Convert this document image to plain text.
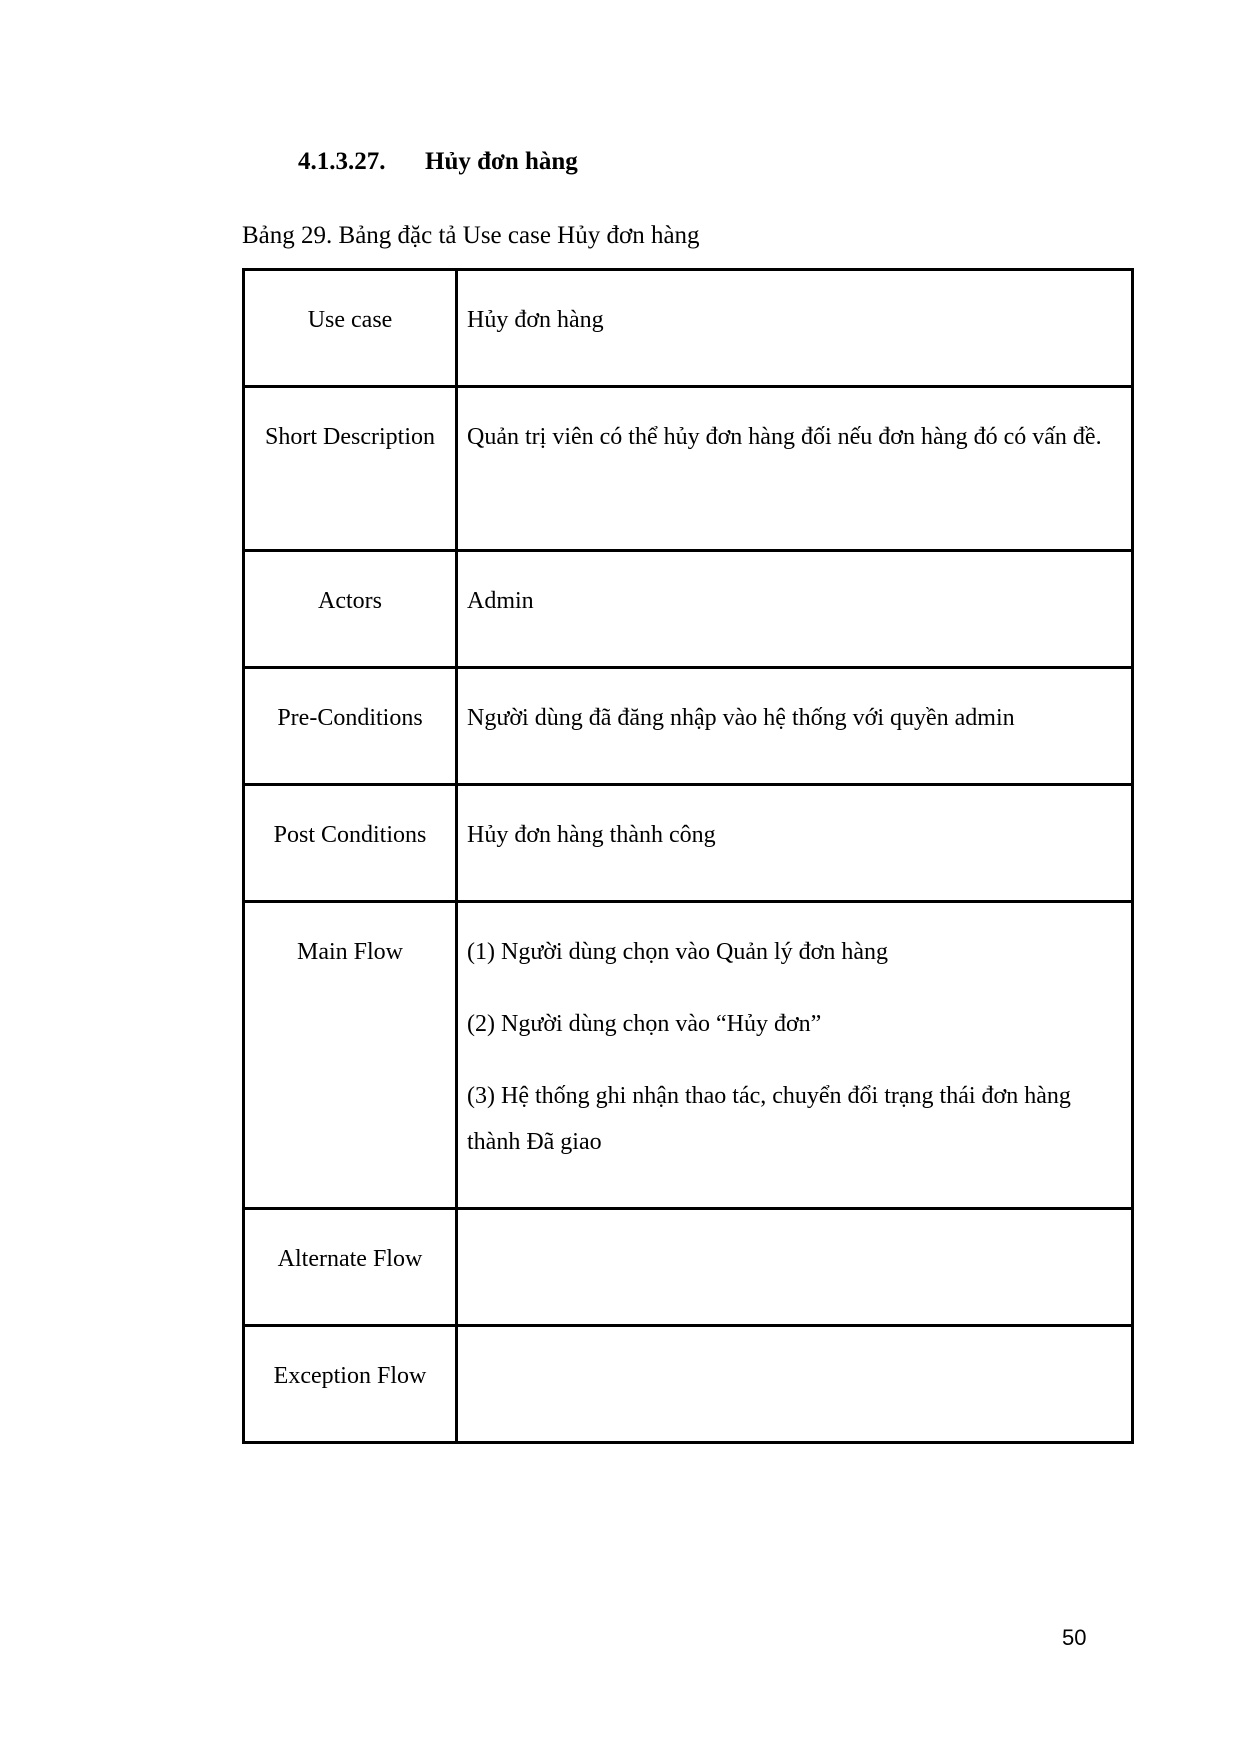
4.1.3.27. Hủy đơn hàng
Bảng 29. Bảng đặc tả Use case Hủy đơn hàng
Use case	Hủy đơn hàng
Short Description	Quản trị viên có thể hủy đơn hàng đối nếu đơn hàng đó có vấn đề.
Actors	Admin
Pre-Conditions	Người dùng đã đăng nhập vào hệ thống với quyền admin
Post Conditions	Hủy đơn hàng thành công
Main Flow	(1) Người dùng chọn vào Quản lý đơn hàng

(2) Người dùng chọn vào “Hủy đơn”

(3) Hệ thống ghi nhận thao tác, chuyển đổi trạng thái đơn hàng thành Đã giao

Alternate Flow	
Exception Flow	
50
